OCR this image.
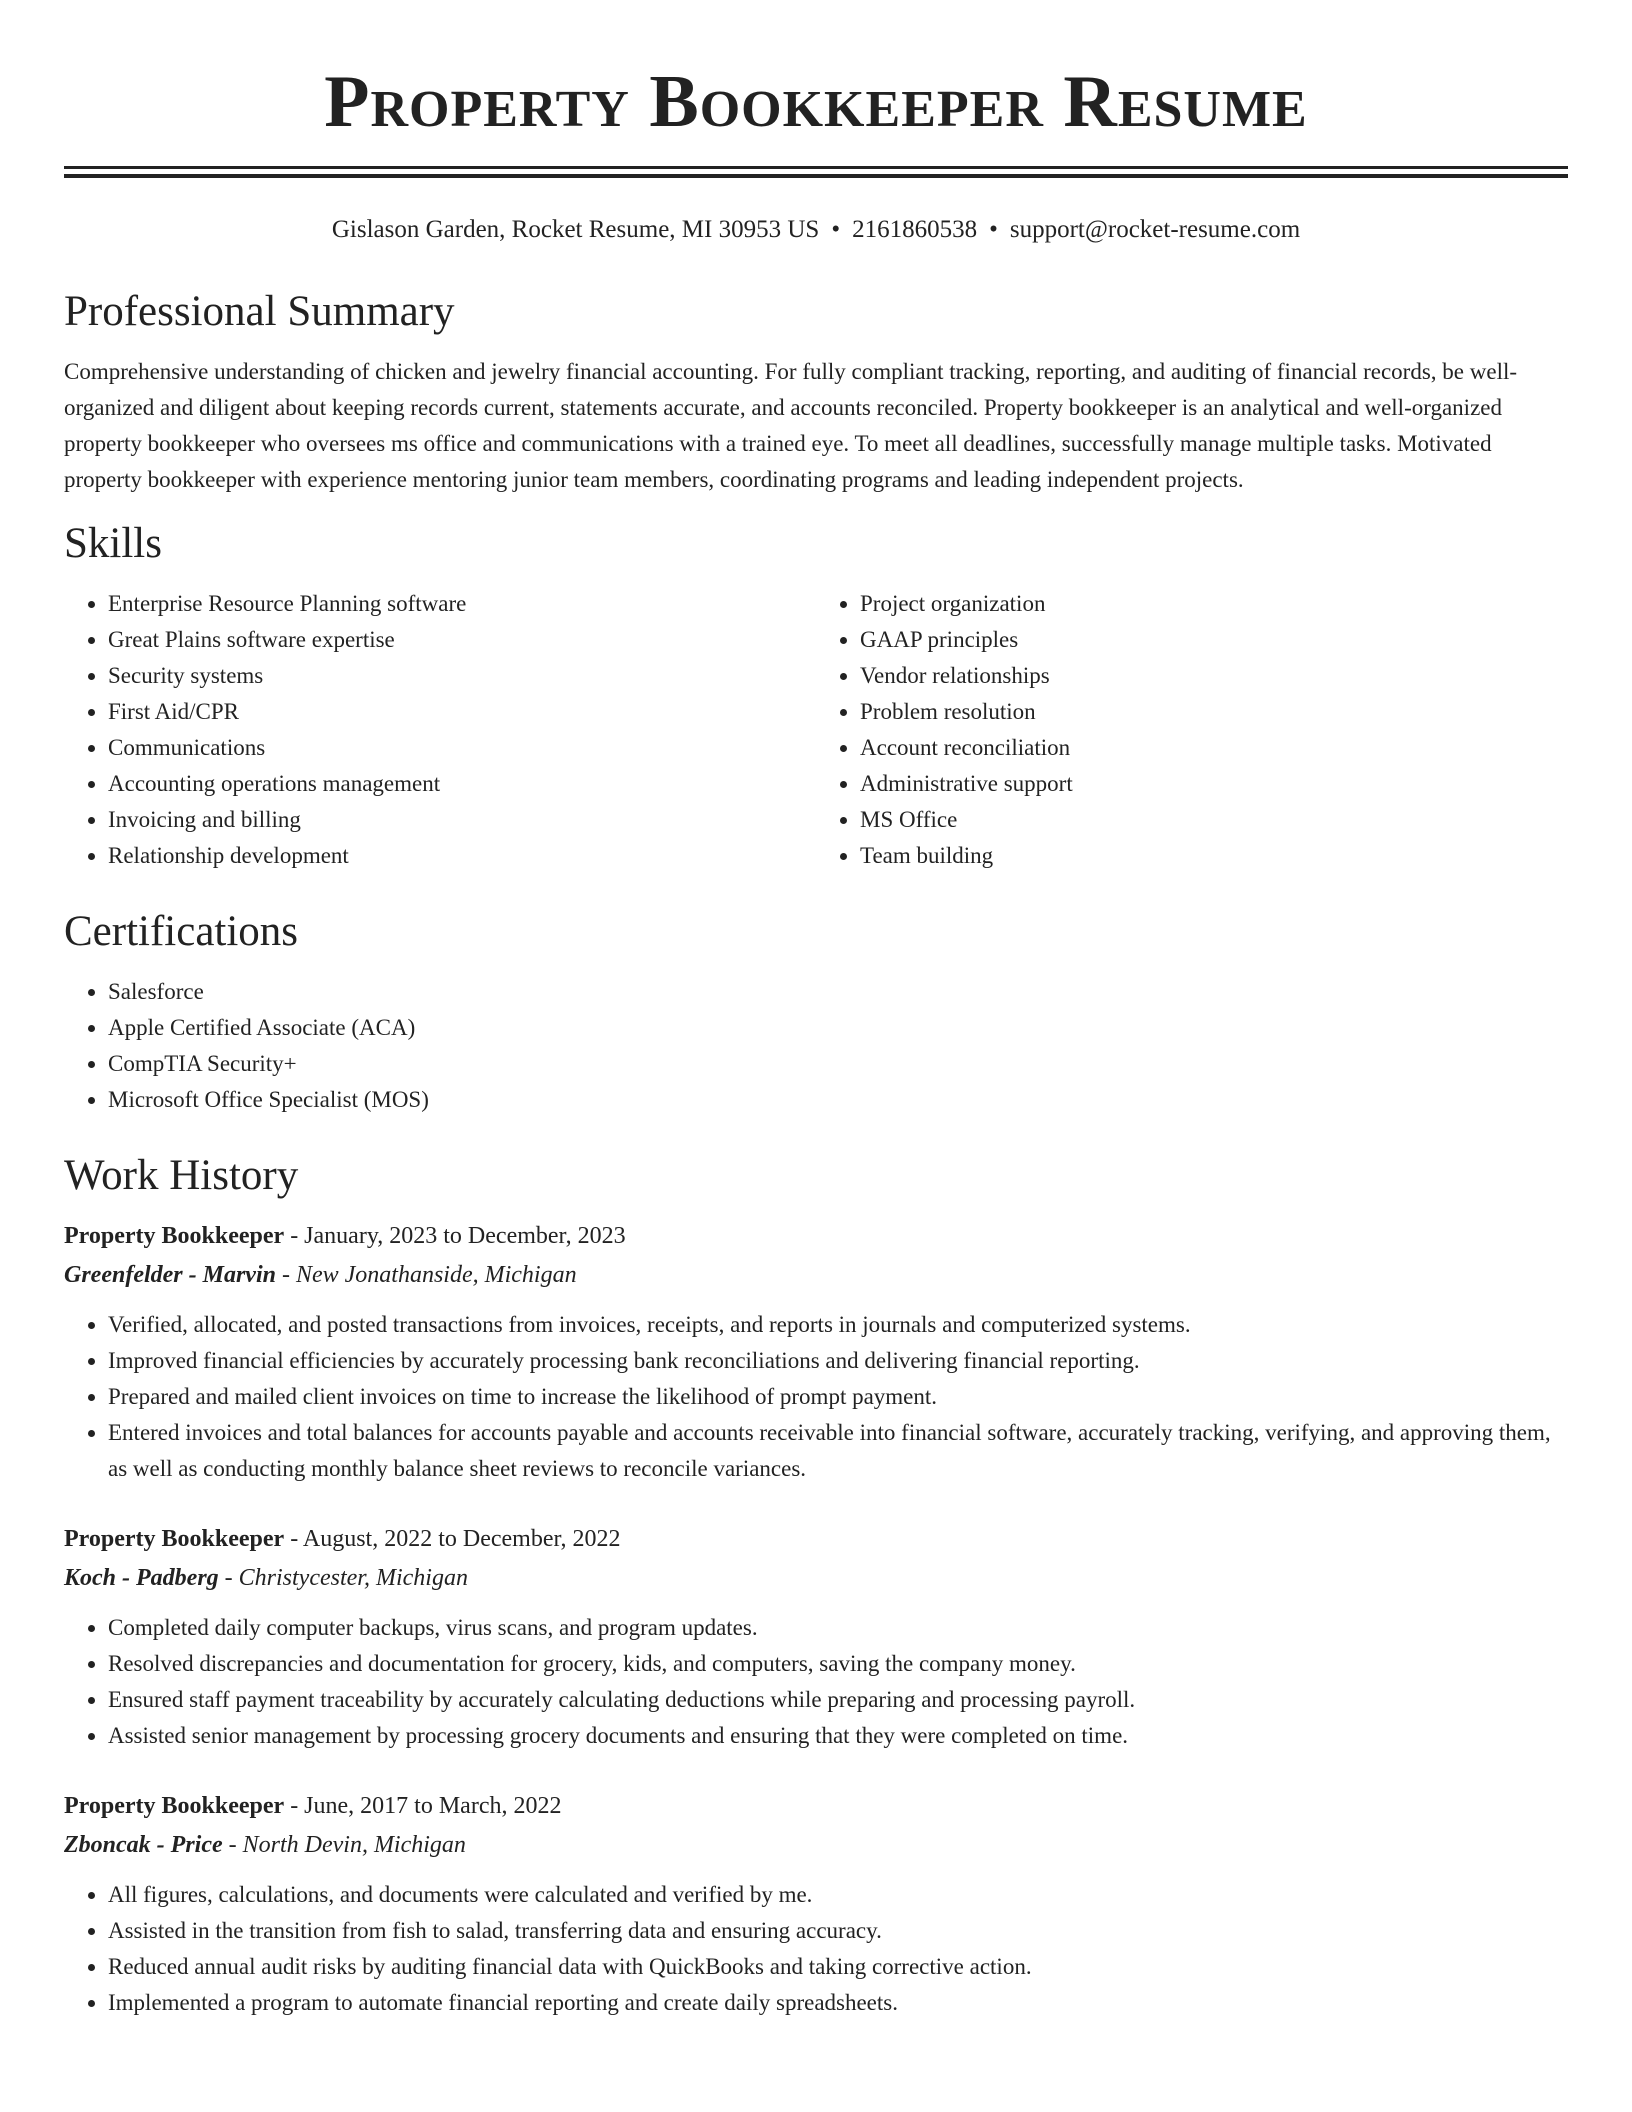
Property Bookkeeper Resume
Gislason Garden, Rocket Resume, MI 30953 US • 2161860538 • support@rocket-resume.com
Professional Summary

Comprehensive understanding of chicken and jewelry financial accounting. For fully compliant tracking, reporting, and auditing of financial records, be well-organized and diligent about keeping records current, statements accurate, and accounts reconciled. Property bookkeeper is an analytical and well-organized property bookkeeper who oversees ms office and communications with a trained eye. To meet all deadlines, successfully manage multiple tasks. Motivated property bookkeeper with experience mentoring junior team members, coordinating programs and leading independent projects.

Skills
• Enterprise Resource Planning software
• Great Plains software expertise
• Security systems
• First Aid/CPR
• Communications
• Accounting operations management
• Invoicing and billing
• Relationship development
• Project organization
• GAAP principles
• Vendor relationships
• Problem resolution
• Account reconciliation
• Administrative support
• MS Office
• Team building
Certifications
• Salesforce
• Apple Certified Associate (ACA)
• CompTIA Security+
• Microsoft Office Specialist (MOS)
Work History
Property Bookkeeper - January, 2023 to December, 2023
Greenfelder - Marvin - New Jonathanside, Michigan
• Verified, allocated, and posted transactions from invoices, receipts, and reports in journals and computerized systems.
• Improved financial efficiencies by accurately processing bank reconciliations and delivering financial reporting.
• Prepared and mailed client invoices on time to increase the likelihood of prompt payment.
• Entered invoices and total balances for accounts payable and accounts receivable into financial software, accurately tracking, verifying, and approving them, as well as conducting monthly balance sheet reviews to reconcile variances.
Property Bookkeeper - August, 2022 to December, 2022
Koch - Padberg - Christycester, Michigan
• Completed daily computer backups, virus scans, and program updates.
• Resolved discrepancies and documentation for grocery, kids, and computers, saving the company money.
• Ensured staff payment traceability by accurately calculating deductions while preparing and processing payroll.
• Assisted senior management by processing grocery documents and ensuring that they were completed on time.
Property Bookkeeper - June, 2017 to March, 2022
Zboncak - Price - North Devin, Michigan
• All figures, calculations, and documents were calculated and verified by me.
• Assisted in the transition from fish to salad, transferring data and ensuring accuracy.
• Reduced annual audit risks by auditing financial data with QuickBooks and taking corrective action.
• Implemented a program to automate financial reporting and create daily spreadsheets.
